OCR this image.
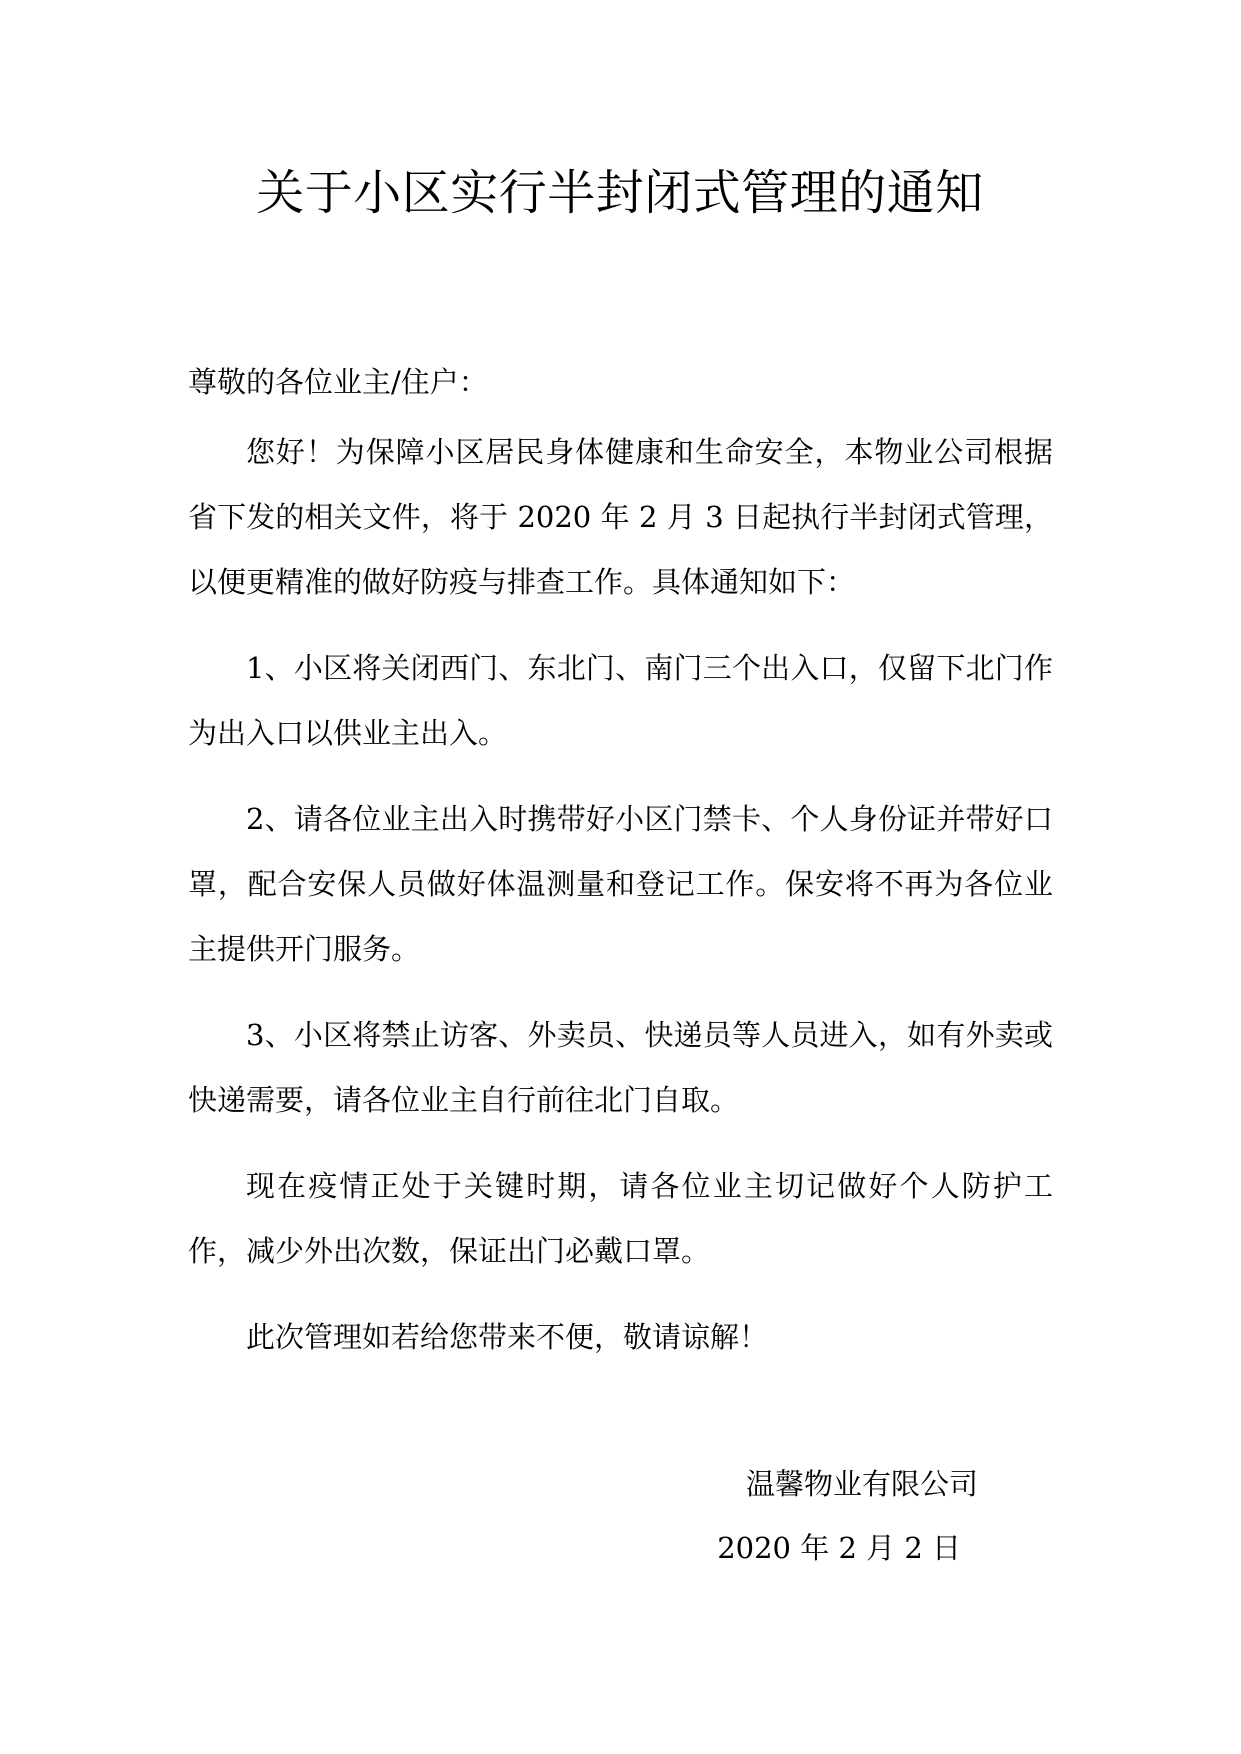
关于小区实行半封闭式管理的通知

尊敬的各位业主/住户：

您好！为保障小区居民身体健康和生命安全，本物业公司根据省下发的相关文件，将于 2020 年 2 月 3 日起执行半封闭式管理，以便更精准的做好防疫与排查工作。具体通知如下：

1、小区将关闭西门、东北门、南门三个出入口，仅留下北门作为出入口以供业主出入。

2、请各位业主出入时携带好小区门禁卡、个人身份证并带好口罩，配合安保人员做好体温测量和登记工作。保安将不再为各位业主提供开门服务。

3、小区将禁止访客、外卖员、快递员等人员进入，如有外卖或快递需要，请各位业主自行前往北门自取。

现在疫情正处于关键时期，请各位业主切记做好个人防护工作，减少外出次数，保证出门必戴口罩。

此次管理如若给您带来不便，敬请谅解！

温馨物业有限公司

2020 年 2 月 2 日
